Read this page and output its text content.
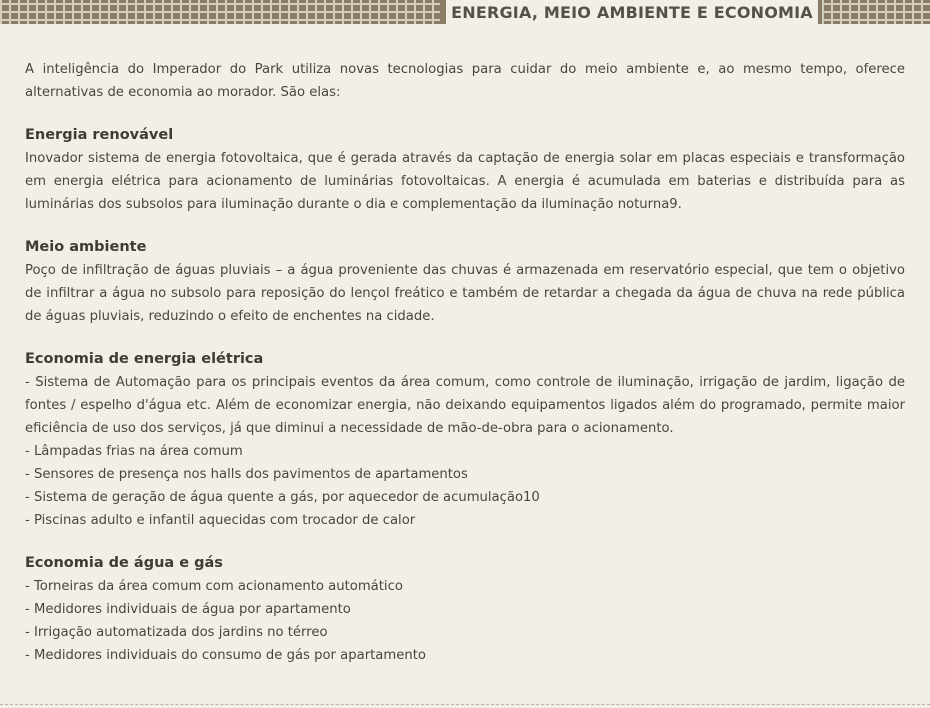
ENERGIA, MEIO AMBIENTE E ECONOMIA

A inteligência do Imperador do Park utiliza novas tecnologias para cuidar do meio ambiente e, ao mesmo tempo, oferece alternativas de economia ao morador. São elas:

Energia renovável

Inovador sistema de energia fotovoltaica, que é gerada através da captação de energia solar em placas especiais e transformação em energia elétrica para acionamento de luminárias fotovoltaicas. A energia é acumulada em baterias e distribuída para as luminárias dos subsolos para iluminação durante o dia e complementação da iluminação noturna9.

Meio ambiente

Poço de infiltração de águas pluviais – a água proveniente das chuvas é armazenada em reservatório especial, que tem o objetivo de infiltrar a água no subsolo para reposição do lençol freático e também de retardar a chegada da água de chuva na rede pública de águas pluviais, reduzindo o efeito de enchentes na cidade.

Economia de energia elétrica
- Sistema de Automação para os principais eventos da área comum, como controle de iluminação, irrigação de jardim, ligação de fontes / espelho d'água etc. Além de economizar energia, não deixando equipamentos ligados além do programado, permite maior eficiência de uso dos serviços, já que diminui a necessidade de mão-de-obra para o acionamento.
- Lâmpadas frias na área comum
- Sensores de presença nos halls dos pavimentos de apartamentos
- Sistema de geração de água quente a gás, por aquecedor de acumulação10
- Piscinas adulto e infantil aquecidas com trocador de calor
Economia de água e gás
- Torneiras da área comum com acionamento automático
- Medidores individuais de água por apartamento
- Irrigação automatizada dos jardins no térreo
- Medidores individuais do consumo de gás por apartamento
